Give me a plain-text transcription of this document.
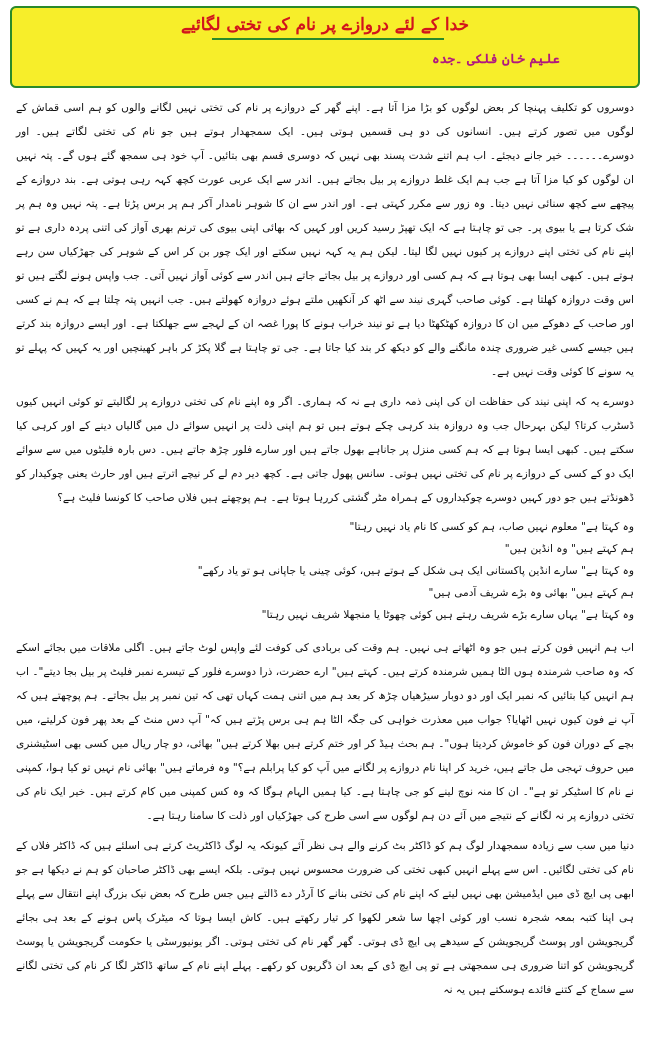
خدا کے لئے دروازے پر نام کی تختی لگائیے
علیم خان فلکی ۔جدہ

دوسروں کو تکلیف پہنچا کر بعض لوگوں کو بڑا مزا آتا ہے۔ اپنے گھر کے دروازے پر نام کی تختی نہیں لگانے والوں کو ہم اسی قماش کے لوگوں میں تصور کرتے ہیں۔ انسانوں کی دو ہی قسمیں ہوتی ہیں۔ ایک سمجھدار ہوتے ہیں جو نام کی تختی لگاتے ہیں۔ اور دوسرے۔۔۔۔۔۔ خیر جانے دیجئے۔ اب ہم اتنے شدت پسند بھی نہیں کہ دوسری قسم بھی بتائیں۔ آپ خود ہی سمجھ گئے ہوں گے۔ پتہ نہیں ان لوگوں کو کیا مزا آتا ہے جب ہم ایک غلط دروازے پر بیل بجاتے ہیں۔ اندر سے ایک عربی عورت کچھ کہہ رہی ہوتی ہے۔ بند دروازے کے پیچھے سے کچھ سنائی نہیں دیتا۔ وہ زور سے مکرر کہتی ہے۔ اور اندر سے ان کا شوہر نامدار آکر ہم پر برس پڑتا ہے۔ پتہ نہیں وہ ہم پر شک کرتا ہے یا بیوی پر۔ جی تو چاہتا ہے کہ ایک تھپڑ رسید کریں اور کہیں کہ بھائی اپنی بیوی کی ترنم بھری آواز کی اتنی پردہ داری ہے تو اپنے نام کی تختی اپنے دروازے پر کیوں نہیں لگا لیتا۔ لیکن ہم یہ کہہ نہیں سکتے اور ایک چور بن کر اس کے شوہر کی جھڑکیاں سن رہے ہوتے ہیں۔ کبھی ایسا بھی ہوتا ہے کہ ہم کسی اور دروازے پر بیل بجاتے جاتے ہیں اندر سے کوئی آواز نہیں آتی۔ جب واپس ہونے لگتے ہیں تو اس وقت دروازہ کھلتا ہے۔ کوئی صاحب گہری نیند سے اٹھ کر آنکھیں ملتے ہوئے دروازہ کھولتے ہیں۔ جب انہیں پتہ چلتا ہے کہ ہم نے کسی اور صاحب کے دھوکے میں ان کا دروازہ کھٹکھٹا دیا ہے تو نیند خراب ہونے کا پورا غصہ ان کے لہجے سے جھلکتا ہے۔ اور ایسے دروازہ بند کرتے ہیں جیسے کسی غیر ضروری چندہ مانگنے والے کو دیکھ کر بند کیا جاتا ہے۔ جی تو چاہتا ہے گلا پکڑ کر باہر کھینچیں اور یہ کہیں کہ پہلے تو یہ سونے کا کوئی وقت نہیں ہے۔

دوسرے یہ کہ اپنی نیند کی حفاظت ان کی اپنی ذمہ داری ہے نہ کہ ہماری۔ اگر وہ اپنے نام کی تختی دروازے پر لگالیتے تو کوئی انہیں کیوں ڈسٹرب کرتا؟ لیکن بہرحال جب وہ دروازہ بند کرہی چکے ہوتے ہیں تو ہم اپنی ذلت پر انہیں سوائے دل میں گالیاں دینے کے اور کرہی کیا سکتے ہیں۔ کبھی ایسا ہوتا ہے کہ ہم کسی منزل پر جاناہے بھول جاتے ہیں اور سارے فلور چڑھ جاتے ہیں۔ دس بارہ فلیٹوں میں سے سوائے ایک دو کے کسی کے دروازے پر نام کی تختی نہیں ہوتی۔ سانس پھول جاتی ہے۔ کچھ دیر دم لے کر نیچے اترتے ہیں اور حارث یعنی چوکیدار کو ڈھونڈتے ہیں جو دور کہیں دوسرے چوکیداروں کے ہمراہ مٹر گشتی کررہا ہوتا ہے۔ ہم پوچھتے ہیں فلاں صاحب کا کونسا فلیٹ ہے؟

وہ کہتا ہے" معلوم نہیں صاب، ہم کو کسی کا نام یاد نہیں رہتا"
ہم کہتے ہیں" وہ انڈین ہیں"
وہ کہتا ہے" سارے انڈین پاکستانی ایک ہی شکل کے ہوتے ہیں، کوئی چینی یا جاپانی ہو تو یاد رکھے"
ہم کہتے ہیں" بھائی وہ بڑے شریف آدمی ہیں"
وہ کہتا ہے" یہاں سارے بڑے شریف رہتے ہیں کوئی چھوٹا یا منجھلا شریف نہیں رہتا"

اب ہم انہیں فون کرتے ہیں جو وہ اٹھاتے ہی نہیں۔ ہم وقت کی بربادی کی کوفت لئے واپس لوٹ جاتے ہیں۔ اگلی ملاقات میں بجائے اسکے کہ وہ صاحب شرمندہ ہوں الٹا ہمیں شرمندہ کرتے ہیں۔ کہتے ہیں" ارے حضرت، ذرا دوسرے فلور کے تیسرے نمبر فلیٹ پر بیل بجا دیتے"۔ اب ہم انہیں کیا بتائیں کہ نمبر ایک اور دو دوبار سیڑھیاں چڑھ کر بعد ہم میں اتنی ہمت کہاں تھی کہ تین نمبر پر بیل بجاتے۔ ہم پوچھتے ہیں کہ آپ نے فون کیوں نہیں اٹھایا؟ جواب میں معذرت خواہی کی جگہ الٹا ہم ہی برس پڑتے ہیں کہ" آپ دس منٹ کے بعد پھر فون کرلیتے، میں بچے کے دوران فون کو خاموش کردیتا ہوں"۔ ہم بحث ہیڈ کر اور ختم کرتے ہیں بھلا کرتے ہیں" بھائی، دو چار ریال میں کسی بھی اسٹیشنری میں حروف تہجی مل جاتے ہیں، خرید کر اپنا نام دروازے پر لگانے میں آپ کو کیا پرابلم ہے؟" وہ فرماتے ہیں" بھائی نام نہیں تو کیا ہوا، کمپنی نے نام کا اسٹیکر تو ہے"۔ ان کا منہ نوچ لینے کو جی چاہتا ہے۔ کیا ہمیں الہام ہوگا کہ وہ کس کمپنی میں کام کرتے ہیں۔ خیر ایک نام کی تختی دروازے پر نہ لگانے کے نتیجے میں آئے دن ہم لوگوں سے اسی طرح کی جھڑکیاں اور ذلت کا سامنا رہتا ہے۔

دنیا میں سب سے زیادہ سمجھدار لوگ ہم کو ڈاکٹر بٹ کرنے والے ہی نظر آئے کیونکہ یہ لوگ ڈاکٹریٹ کرتے ہی اسلئے ہیں کہ ڈاکٹر فلاں کے نام کی تختی لگائیں۔ اس سے پہلے انہیں کبھی تختی کی ضرورت محسوس نہیں ہوتی۔ بلکہ ایسے بھی ڈاکٹر صاحبان کو ہم نے دیکھا ہے جو ابھی پی ایچ ڈی میں ایڈمیشن بھی نہیں لیتے کہ اپنے نام کی تختی بنانے کا آرڈر دے ڈالتے ہیں جس طرح کہ بعض نیک بزرگ اپنے انتقال سے پہلے ہی اپنا کتبہ بمعہ شجرہ نسب اور کوئی اچھا سا شعر لکھوا کر تیار رکھتے ہیں۔ کاش ایسا ہوتا کہ میٹرک پاس ہونے کے بعد ہی بجائے گریجویشن اور پوسٹ گریجویشن کے سیدھے پی ایچ ڈی ہوتی۔ گھر گھر نام کی تختی ہوتی۔ اگر یونیورسٹی یا حکومت گریجویشن یا پوسٹ گریجویشن کو اتنا ضروری ہی سمجھتی ہے تو پی ایچ ڈی کے بعد ان ڈگریوں کو رکھے۔ پہلے اپنے نام کے ساتھ ڈاکٹر لگا کر نام کی تختی لگانے سے سماج کے کتنے فائدے ہوسکتے ہیں یہ نہ
